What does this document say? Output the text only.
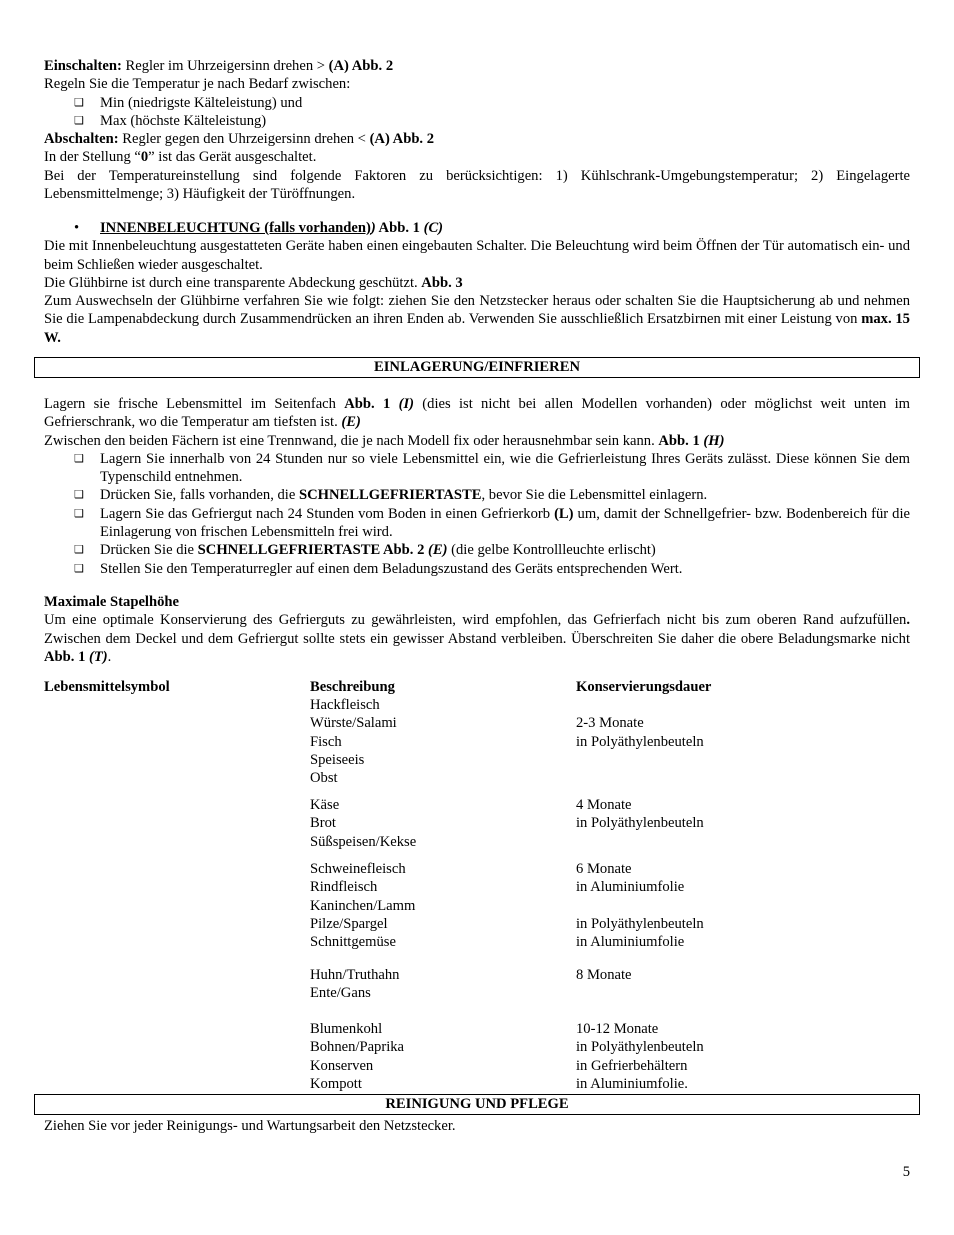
Einschalten: Regler im Uhrzeigersinn drehen > (A) Abb. 2

Regeln Sie die Temperatur je nach Bedarf zwischen:

❑ Min (niedrigste Kälteleistung) und
❑ Max (höchste Kälteleistung)

Abschalten: Regler gegen den Uhrzeigersinn drehen < (A) Abb. 2

In der Stellung “0” ist das Gerät ausgeschaltet.

Bei der Temperatureinstellung sind folgende Faktoren zu berücksichtigen: 1) Kühlschrank-Umgebungstemperatur; 2) Eingelagerte Lebensmittelmenge; 3) Häufigkeit der Türöffnungen.

• INNENBELEUCHTUNG (falls vorhanden)) Abb. 1 (C)

Die mit Innenbeleuchtung ausgestatteten Geräte haben einen eingebauten Schalter. Die Beleuchtung wird beim Öffnen der Tür automatisch ein- und beim Schließen wieder ausgeschaltet.

Die Glühbirne ist durch eine transparente Abdeckung geschützt. Abb. 3

Zum Auswechseln der Glühbirne verfahren Sie wie folgt: ziehen Sie den Netzstecker heraus oder schalten Sie die Hauptsicherung ab und nehmen Sie die Lampenabdeckung durch Zusammendrücken an ihren Enden ab. Verwenden Sie ausschließlich Ersatzbirnen mit einer Leistung von max. 15 W.

EINLAGERUNG/EINFRIEREN

Lagern sie frische Lebensmittel im Seitenfach Abb. 1 (I) (dies ist nicht bei allen Modellen vorhanden) oder möglichst weit unten im Gefrierschrank, wo die Temperatur am tiefsten ist. (E)

Zwischen den beiden Fächern ist eine Trennwand, die je nach Modell fix oder herausnehmbar sein kann. Abb. 1 (H)

❑ Lagern Sie innerhalb von 24 Stunden nur so viele Lebensmittel ein, wie die Gefrierleistung Ihres Geräts zulässt. Diese können Sie dem Typenschild entnehmen.
❑ Drücken Sie, falls vorhanden, die SCHNELLGEFRIERTASTE, bevor Sie die Lebensmittel einlagern.
❑ Lagern Sie das Gefriergut nach 24 Stunden vom Boden in einen Gefrierkorb (L) um, damit der Schnellgefrier- bzw. Bodenbereich für die Einlagerung von frischen Lebensmitteln frei wird.
❑ Drücken Sie die SCHNELLGEFRIERTASTE Abb. 2 (E) (die gelbe Kontrollleuchte erlischt)
❑ Stellen Sie den Temperaturregler auf einen dem Beladungszustand des Geräts entsprechenden Wert.

Maximale Stapelhöhe

Um eine optimale Konservierung des Gefrierguts zu gewährleisten, wird empfohlen, das Gefrierfach nicht bis zum oberen Rand aufzufüllen. Zwischen dem Deckel und dem Gefriergut sollte stets ein gewisser Abstand verbleiben. Überschreiten Sie daher die obere Beladungsmarke nicht Abb. 1 (T).

Lebensmittelsymbol	Beschreibung	Konservierungsdauer
Hackfleisch
Würste/Salami
Fisch
Speiseeis
Obst
2-3 Monate
in Polyäthylenbeuteln
Käse
Brot
Süßspeisen/Kekse
4 Monate
in Polyäthylenbeuteln
Schweinefleisch
Rindfleisch
Kaninchen/Lamm
Pilze/Spargel
Schnittgemüse
6 Monate
in Aluminiumfolie
in Polyäthylenbeuteln
in Aluminiumfolie
Huhn/Truthahn
Ente/Gans
8 Monate
Blumenkohl
Bohnen/Paprika
Konserven
Kompott
10-12 Monate
in Polyäthylenbeuteln
in Gefrierbehältern
in Aluminiumfolie.
REINIGUNG UND PFLEGE

Ziehen Sie vor jeder Reinigungs- und Wartungsarbeit den Netzstecker.

5
